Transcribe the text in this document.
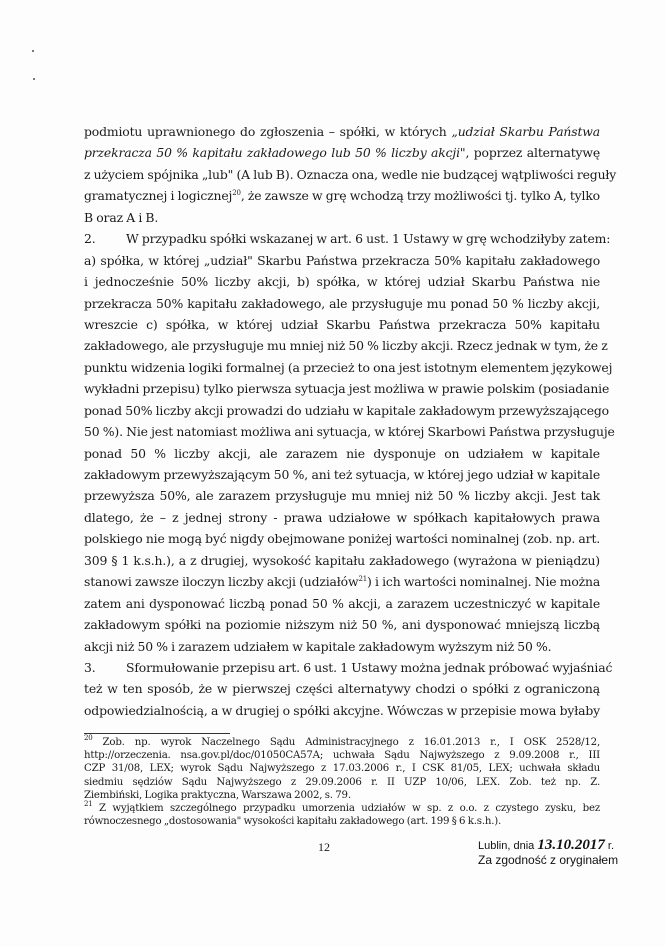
podmiotu uprawnionego do zgłoszenia – spółki, w których „udział Skarbu Państwa
przekracza 50 % kapitału zakładowego lub 50 % liczby akcji", poprzez alternatywę
z użyciem spójnika „lub" (A lub B). Oznacza ona, wedle nie budzącej wątpliwości reguły
gramatycznej i logicznej$^{20}$, że zawsze w grę wchodzą trzy możliwości tj. tylko A, tylko
B oraz A i B.
2. W przypadku spółki wskazanej w art. 6 ust. 1 Ustawy w grę wchodziłyby zatem:
a) spółka, w której „udział" Skarbu Państwa przekracza 50% kapitału zakładowego
i jednocześnie 50% liczby akcji, b) spółka, w której udział Skarbu Państwa nie
przekracza 50% kapitału zakładowego, ale przysługuje mu ponad 50 % liczby akcji,
wreszcie c) spółka, w której udział Skarbu Państwa przekracza 50% kapitału
zakładowego, ale przysługuje mu mniej niż 50 % liczby akcji. Rzecz jednak w tym, że z
punktu widzenia logiki formalnej (a przecież to ona jest istotnym elementem językowej
wykładni przepisu) tylko pierwsza sytuacja jest możliwa w prawie polskim (posiadanie
ponad 50% liczby akcji prowadzi do udziału w kapitale zakładowym przewyższającego
50 %). Nie jest natomiast możliwa ani sytuacja, w której Skarbowi Państwa przysługuje
ponad 50 % liczby akcji, ale zarazem nie dysponuje on udziałem w kapitale
zakładowym przewyższającym 50 %, ani też sytuacja, w której jego udział w kapitale
przewyższa 50%, ale zarazem przysługuje mu mniej niż 50 % liczby akcji. Jest tak
dlatego, że – z jednej strony - prawa udziałowe w spółkach kapitałowych prawa
polskiego nie mogą być nigdy obejmowane poniżej wartości nominalnej (zob. np. art.
309 § 1 k.s.h.), a z drugiej, wysokość kapitału zakładowego (wyrażona w pieniądzu)
stanowi zawsze iloczyn liczby akcji (udziałów$^{21}$) i ich wartości nominalnej. Nie można
zatem ani dysponować liczbą ponad 50 % akcji, a zarazem uczestniczyć w kapitale
zakładowym spółki na poziomie niższym niż 50 %, ani dysponować mniejszą liczbą
akcji niż 50 % i zarazem udziałem w kapitale zakładowym wyższym niż 50 %.
3. Sformułowanie przepisu art. 6 ust. 1 Ustawy można jednak próbować wyjaśniać
też w ten sposób, że w pierwszej części alternatywy chodzi o spółki z ograniczoną
odpowiedzialnością, a w drugiej o spółki akcyjne. Wówczas w przepisie mowa byłaby
$^{20}$ Zob. np. wyrok Naczelnego Sądu Administracyjnego z 16.01.2013 r., I OSK 2528/12,
http://orzeczenia. nsa.gov.pl/doc/01050CA57A; uchwała Sądu Najwyższego z 9.09.2008 r., III
CZP 31/08, LEX; wyrok Sądu Najwyższego z 17.03.2006 r., I CSK 81/05, LEX; uchwała składu
siedmiu sędziów Sądu Najwyższego z 29.09.2006 r. II UZP 10/06, LEX. Zob. też np. Z.
Ziembiński, Logika praktyczna, Warszawa 2002, s. 79.
$^{21}$ Z wyjątkiem szczególnego przypadku umorzenia udziałów w sp. z o.o. z czystego zysku, bez
równoczesnego „dostosowania" wysokości kapitału zakładowego (art. 199 § 6 k.s.h.).
12	Lublin, dnia 13.10.2017 r.
Za zgodność z oryginałem
